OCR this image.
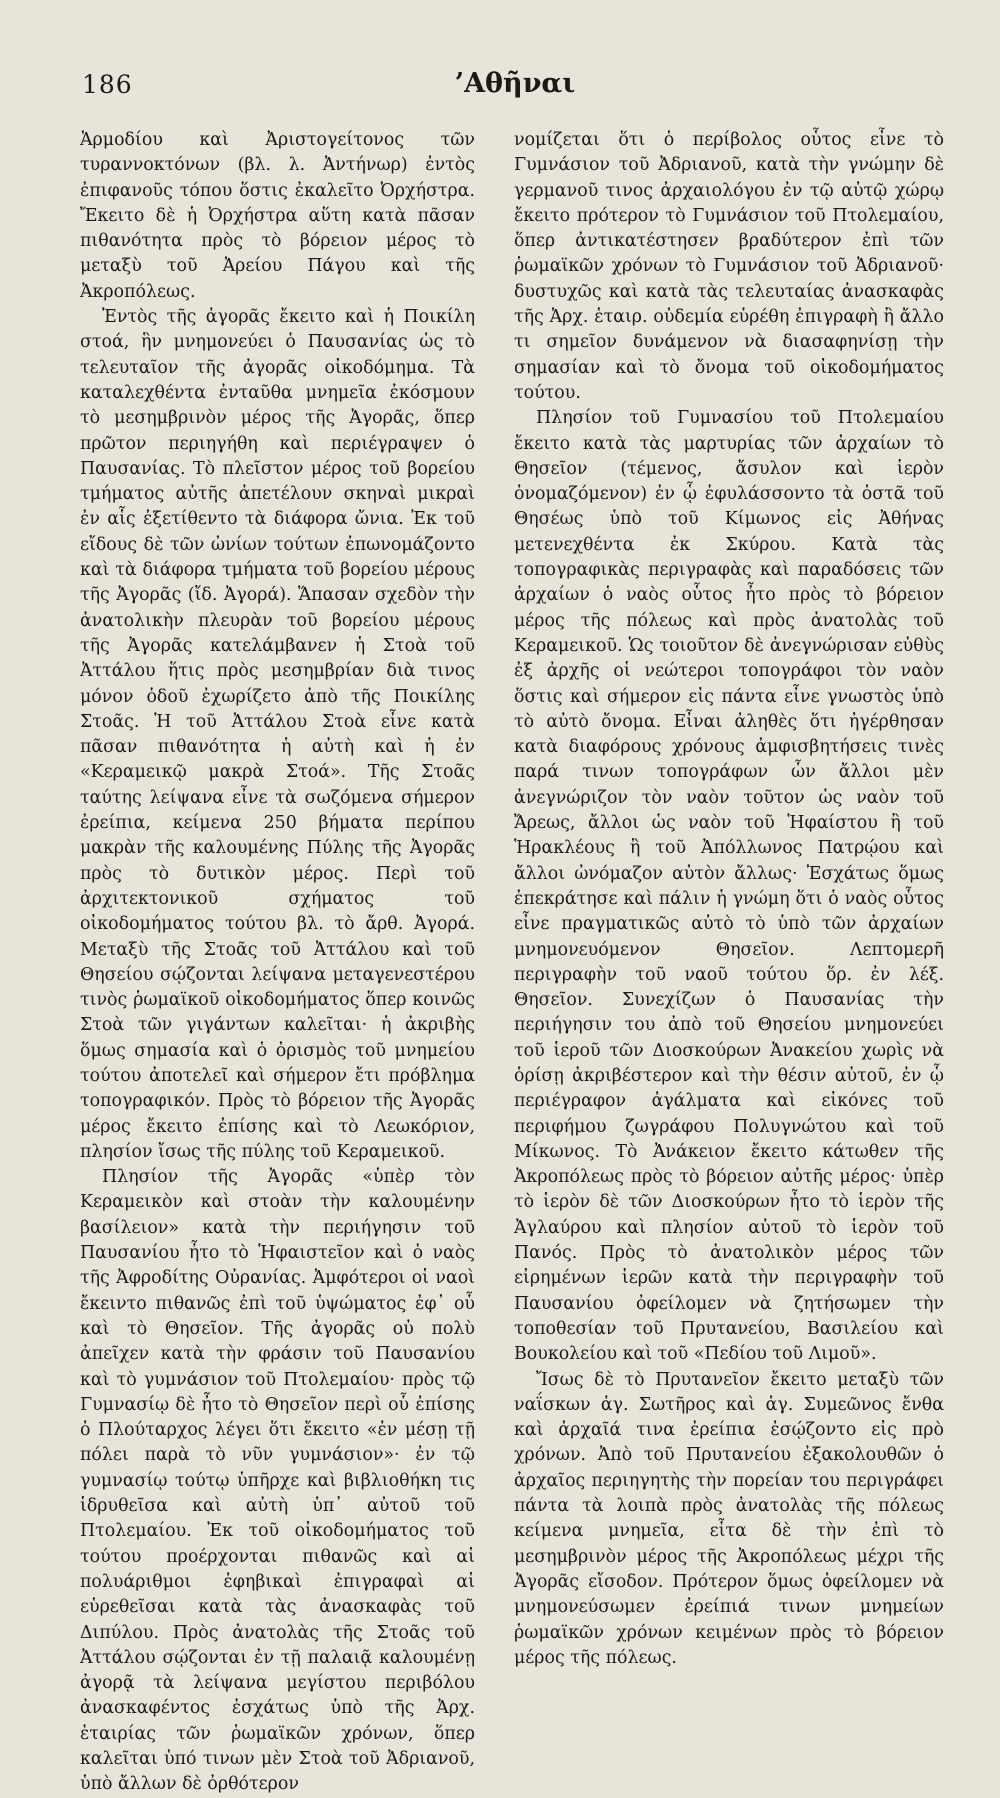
186	’Αθῆναι

Ἁρμοδίου καὶ Ἀριστογείτονος τῶν τυραννοκτόνων (βλ. λ. Ἀντήνωρ) ἐντὸς ἐπιφανοῦς τόπου ὅστις ἐκαλεῖτο Ὀρχήστρα. Ἔκειτο δὲ ἡ Ὀρχήστρα αὕτη κατὰ πᾶσαν πιθανότητα πρὸς τὸ βόρειον μέρος τὸ μεταξὺ τοῦ Ἀρείου Πάγου καὶ τῆς Ἀκροπόλεως.

Ἐντὸς τῆς ἀγορᾶς ἔκειτο καὶ ἡ Ποικίλη στοά, ἣν μνημονεύει ὁ Παυσανίας ὡς τὸ τελευταῖον τῆς ἀγορᾶς οἰκοδόμημα. Τὰ καταλεχθέντα ἐνταῦθα μνημεῖα ἐκόσμουν τὸ μεσημβρινὸν μέρος τῆς Ἀγορᾶς, ὅπερ πρῶτον περιηγήθη καὶ περιέγραψεν ὁ Παυσανίας. Τὸ πλεῖστον μέρος τοῦ βορείου τμήματος αὐτῆς ἀπετέλουν σκηναὶ μικραὶ ἐν αἷς ἐξετίθεντο τὰ διάφορα ὤνια. Ἐκ τοῦ εἴδους δὲ τῶν ὠνίων τούτων ἐπωνομάζοντο καὶ τὰ διάφορα τμήματα τοῦ βορείου μέρους τῆς Ἀγορᾶς (ἴδ. Ἀγορά). Ἅπασαν σχεδὸν τὴν ἀνατολικὴν πλευρὰν τοῦ βορείου μέρους τῆς Ἀγορᾶς κατελάμβανεν ἡ Στοὰ τοῦ Ἀττάλου ἥτις πρὸς μεσημβρίαν διὰ τινος μόνον ὁδοῦ ἐχωρίζετο ἀπὸ τῆς Ποικίλης Στοᾶς. Ἡ τοῦ Ἀττάλου Στοὰ εἶνε κατὰ πᾶσαν πιθανότητα ἡ αὐτὴ καὶ ἡ ἐν «Κεραμεικῷ μακρὰ Στοά». Τῆς Στοᾶς ταύτης λείψανα εἶνε τὰ σωζόμενα σήμερον ἐρείπια, κείμενα 250 βήματα περίπου μακρὰν τῆς καλουμένης Πύλης τῆς Ἀγορᾶς πρὸς τὸ δυτικὸν μέρος. Περὶ τοῦ ἀρχιτεκτονικοῦ σχήματος τοῦ οἰκοδομήματος τούτου βλ. τὸ ἄρθ. Ἀγορά. Μεταξὺ τῆς Στοᾶς τοῦ Ἀττάλου καὶ τοῦ Θησείου σῴζονται λείψανα μεταγενεστέρου τινὸς ῥωμαϊκοῦ οἰκοδομήματος ὅπερ κοινῶς Στοὰ τῶν γιγάντων καλεῖται· ἡ ἀκριβὴς ὅμως σημασία καὶ ὁ ὁρισμὸς τοῦ μνημείου τούτου ἀποτελεῖ καὶ σήμερον ἔτι πρόβλημα τοπογραφικόν. Πρὸς τὸ βόρειον τῆς Ἀγορᾶς μέρος ἔκειτο ἐπίσης καὶ τὸ Λεωκόριον, πλησίον ἴσως τῆς πύλης τοῦ Κεραμεικοῦ.

Πλησίον τῆς Ἀγορᾶς «ὑπὲρ τὸν Κεραμεικὸν καὶ στοὰν τὴν καλουμένην βασίλειον» κατὰ τὴν περιήγησιν τοῦ Παυσανίου ἦτο τὸ Ἡφαιστεῖον καὶ ὁ ναὸς τῆς Ἀφροδίτης Οὐρανίας. Ἀμφότεροι οἱ ναοὶ ἔκειντο πιθανῶς ἐπὶ τοῦ ὑψώματος ἐφ᾽ οὗ καὶ τὸ Θησεῖον. Τῆς ἀγορᾶς οὐ πολὺ ἀπεῖχεν κατὰ τὴν φράσιν τοῦ Παυσανίου καὶ τὸ γυμνάσιον τοῦ Πτολεμαίου· πρὸς τῷ Γυμνασίῳ δὲ ἦτο τὸ Θησεῖον περὶ οὗ ἐπίσης ὁ Πλούταρχος λέγει ὅτι ἔκειτο «ἐν μέσῃ τῇ πόλει παρὰ τὸ νῦν γυμνάσιον»· ἐν τῷ γυμνασίῳ τούτῳ ὑπῆρχε καὶ βιβλιοθήκη τις ἱδρυθεῖσα καὶ αὐτὴ ὑπ᾽ αὐτοῦ τοῦ Πτολεμαίου. Ἐκ τοῦ οἰκοδομήματος τοῦ τούτου προέρχονται πιθανῶς καὶ αἱ πολυάριθμοι ἐφηβικαὶ ἐπιγραφαὶ αἱ εὑρεθεῖσαι κατὰ τὰς ἀνασκαφὰς τοῦ Διπύλου. Πρὸς ἀνατολὰς τῆς Στοᾶς τοῦ Ἀττάλου σῴζονται ἐν τῇ παλαιᾷ καλουμένῃ ἀγορᾷ τὰ λείψανα μεγίστου περιβόλου ἀνασκαφέντος ἐσχάτως ὑπὸ τῆς Ἀρχ. ἑταιρίας τῶν ῥωμαϊκῶν χρόνων, ὅπερ καλεῖται ὑπό τινων μὲν Στοὰ τοῦ Ἀδριανοῦ, ὑπὸ ἄλλων δὲ ὀρθότερον

νομίζεται ὅτι ὁ περίβολος οὗτος εἶνε τὸ Γυμνάσιον τοῦ Ἀδριανοῦ, κατὰ τὴν γνώμην δὲ γερμανοῦ τινος ἀρχαιολόγου ἐν τῷ αὐτῷ χώρῳ ἔκειτο πρότερον τὸ Γυμνάσιον τοῦ Πτολεμαίου, ὅπερ ἀντικατέστησεν βραδύτερον ἐπὶ τῶν ῥωμαϊκῶν χρόνων τὸ Γυμνάσιον τοῦ Ἀδριανοῦ· δυστυχῶς καὶ κατὰ τὰς τελευταίας ἀνασκαφὰς τῆς Ἀρχ. ἑταιρ. οὐδεμία εὑρέθη ἐπιγραφὴ ἢ ἄλλο τι σημεῖον δυνάμενον νὰ διασαφηνίσῃ τὴν σημασίαν καὶ τὸ ὄνομα τοῦ οἰκοδομήματος τούτου.

Πλησίον τοῦ Γυμνασίου τοῦ Πτολεμαίου ἔκειτο κατὰ τὰς μαρτυρίας τῶν ἀρχαίων τὸ Θησεῖον (τέμενος, ἄσυλον καὶ ἱερὸν ὀνομαζόμενον) ἐν ᾧ ἐφυλάσσοντο τὰ ὀστᾶ τοῦ Θησέως ὑπὸ τοῦ Κίμωνος εἰς Ἀθήνας μετενεχθέντα ἐκ Σκύρου. Κατὰ τὰς τοπογραφικὰς περιγραφὰς καὶ παραδόσεις τῶν ἀρχαίων ὁ ναὸς οὗτος ἦτο πρὸς τὸ βόρειον μέρος τῆς πόλεως καὶ πρὸς ἀνατολὰς τοῦ Κεραμεικοῦ. Ὡς τοιοῦτον δὲ ἀνεγνώρισαν εὐθὺς ἐξ ἀρχῆς οἱ νεώτεροι τοπογράφοι τὸν ναὸν ὅστις καὶ σήμερον εἰς πάντα εἶνε γνωστὸς ὑπὸ τὸ αὐτὸ ὄνομα. Εἶναι ἀληθὲς ὅτι ἠγέρθησαν κατὰ διαφόρους χρόνους ἀμφισβητήσεις τινὲς παρά τινων τοπογράφων ὧν ἄλλοι μὲν ἀνεγνώριζον τὸν ναὸν τοῦτον ὡς ναὸν τοῦ Ἄρεως, ἄλλοι ὡς ναὸν τοῦ Ἡφαίστου ἢ τοῦ Ἡρακλέους ἢ τοῦ Ἀπόλλωνος Πατρῴου καὶ ἄλλοι ὠνόμαζον αὐτὸν ἄλλως· Ἐσχάτως ὅμως ἐπεκράτησε καὶ πάλιν ἡ γνώμη ὅτι ὁ ναὸς οὗτος εἶνε πραγματικῶς αὐτὸ τὸ ὑπὸ τῶν ἀρχαίων μνημονευόμενον Θησεῖον. Λεπτομερῆ περιγραφὴν τοῦ ναοῦ τούτου ὅρ. ἐν λέξ. Θησεῖον. Συνεχίζων ὁ Παυσανίας τὴν περιήγησιν του ἀπὸ τοῦ Θησείου μνημονεύει τοῦ ἱεροῦ τῶν Διοσκούρων Ἀνακείου χωρὶς νὰ ὁρίσῃ ἀκριβέστερον καὶ τὴν θέσιν αὐτοῦ, ἐν ᾧ περιέγραφον ἀγάλματα καὶ εἰκόνες τοῦ περιφήμου ζωγράφου Πολυγνώτου καὶ τοῦ Μίκωνος. Τὸ Ἀνάκειον ἔκειτο κάτωθεν τῆς Ἀκροπόλεως πρὸς τὸ βόρειον αὐτῆς μέρος· ὑπὲρ τὸ ἱερὸν δὲ τῶν Διοσκούρων ἦτο τὸ ἱερὸν τῆς Ἀγλαύρου καὶ πλησίον αὐτοῦ τὸ ἱερὸν τοῦ Πανός. Πρὸς τὸ ἀνατολικὸν μέρος τῶν εἰρημένων ἱερῶν κατὰ τὴν περιγραφὴν τοῦ Παυσανίου ὀφείλομεν νὰ ζητήσωμεν τὴν τοποθεσίαν τοῦ Πρυτανείου, Βασιλείου καὶ Βουκολείου καὶ τοῦ «Πεδίου τοῦ Λιμοῦ».

Ἴσως δὲ τὸ Πρυτανεῖον ἔκειτο μεταξὺ τῶν ναΐσκων ἁγ. Σωτῆρος καὶ ἁγ. Συμεῶνος ἔνθα καὶ ἀρχαῖά τινα ἐρείπια ἐσῴζοντο εἰς πρὸ χρόνων. Ἀπὸ τοῦ Πρυτανείου ἐξακολουθῶν ὁ ἀρχαῖος περιηγητὴς τὴν πορείαν του περιγράφει πάντα τὰ λοιπὰ πρὸς ἀνατολὰς τῆς πόλεως κείμενα μνημεῖα, εἶτα δὲ τὴν ἐπὶ τὸ μεσημβρινὸν μέρος τῆς Ἀκροπόλεως μέχρι τῆς Ἀγορᾶς εἴσοδον. Πρότερον ὅμως ὀφείλομεν νὰ μνημονεύσωμεν ἐρείπιά τινων μνημείων ῥωμαϊκῶν χρόνων κειμένων πρὸς τὸ βόρειον μέρος τῆς πόλεως.
